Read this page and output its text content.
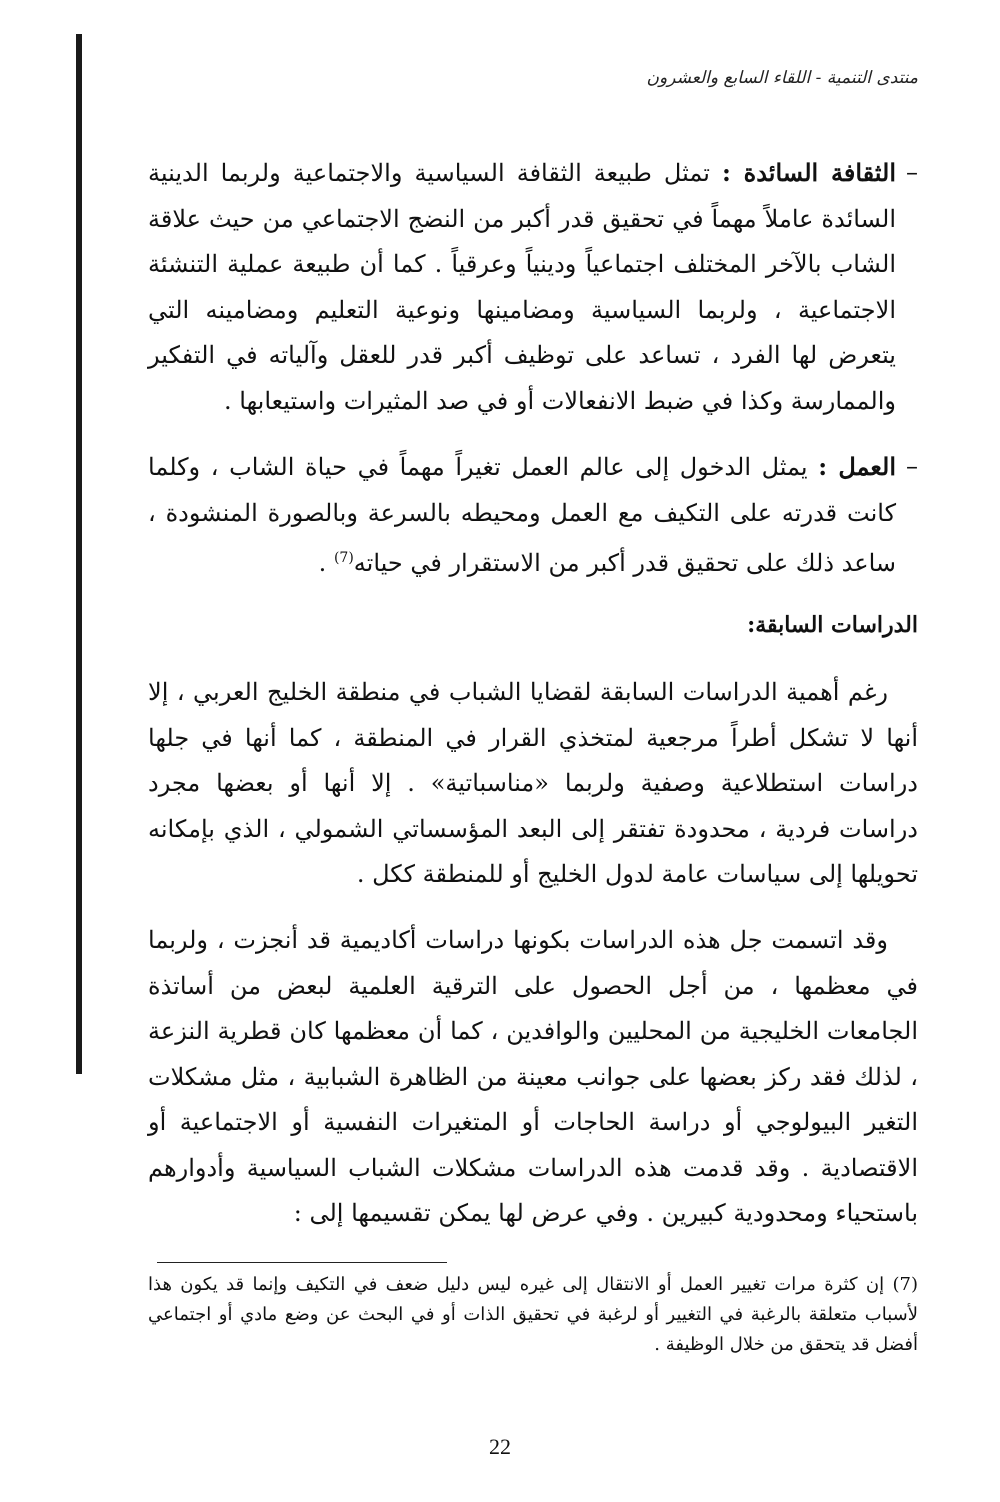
منتدى التنمية - اللقاء السابع والعشرون
–
الثقافة السائدة : تمثل طبيعة الثقافة السياسية والاجتماعية ولربما الدينية السائدة عاملاً مهماً في تحقيق قدر أكبر من النضج الاجتماعي من حيث علاقة الشاب بالآخر المختلف اجتماعياً ودينياً وعرقياً . كما أن طبيعة عملية التنشئة الاجتماعية ، ولربما السياسية ومضامينها ونوعية التعليم ومضامينه التي يتعرض لها الفرد ، تساعد على توظيف أكبر قدر للعقل وآلياته في التفكير والممارسة وكذا في ضبط الانفعالات أو في صد المثيرات واستيعابها .
–
العمل : يمثل الدخول إلى عالم العمل تغيراً مهماً في حياة الشاب ، وكلما كانت قدرته على التكيف مع العمل ومحيطه بالسرعة وبالصورة المنشودة ، ساعد ذلك على تحقيق قدر أكبر من الاستقرار في حياته$^{(7)}$ .
الدراسات السابقة:
رغم أهمية الدراسات السابقة لقضايا الشباب في منطقة الخليج العربي ، إلا أنها لا تشكل أطراً مرجعية لمتخذي القرار في المنطقة ، كما أنها في جلها دراسات استطلاعية وصفية ولربما «مناسباتية» . إلا أنها أو بعضها مجرد دراسات فردية ، محدودة تفتقر إلى البعد المؤسساتي الشمولي ، الذي بإمكانه تحويلها إلى سياسات عامة لدول الخليج أو للمنطقة ككل .
وقد اتسمت جل هذه الدراسات بكونها دراسات أكاديمية قد أنجزت ، ولربما في معظمها ، من أجل الحصول على الترقية العلمية لبعض من أساتذة الجامعات الخليجية من المحليين والوافدين ، كما أن معظمها كان قطرية النزعة ، لذلك فقد ركز بعضها على جوانب معينة من الظاهرة الشبابية ، مثل مشكلات التغير البيولوجي أو دراسة الحاجات أو المتغيرات النفسية أو الاجتماعية أو الاقتصادية . وقد قدمت هذه الدراسات مشكلات الشباب السياسية وأدوارهم باستحياء ومحدودية كبيرين . وفي عرض لها يمكن تقسيمها إلى :
(7) إن كثرة مرات تغيير العمل أو الانتقال إلى غيره ليس دليل ضعف في التكيف وإنما قد يكون هذا لأسباب متعلقة بالرغبة في التغيير أو لرغبة في تحقيق الذات أو في البحث عن وضع مادي أو اجتماعي أفضل قد يتحقق من خلال الوظيفة .
22
